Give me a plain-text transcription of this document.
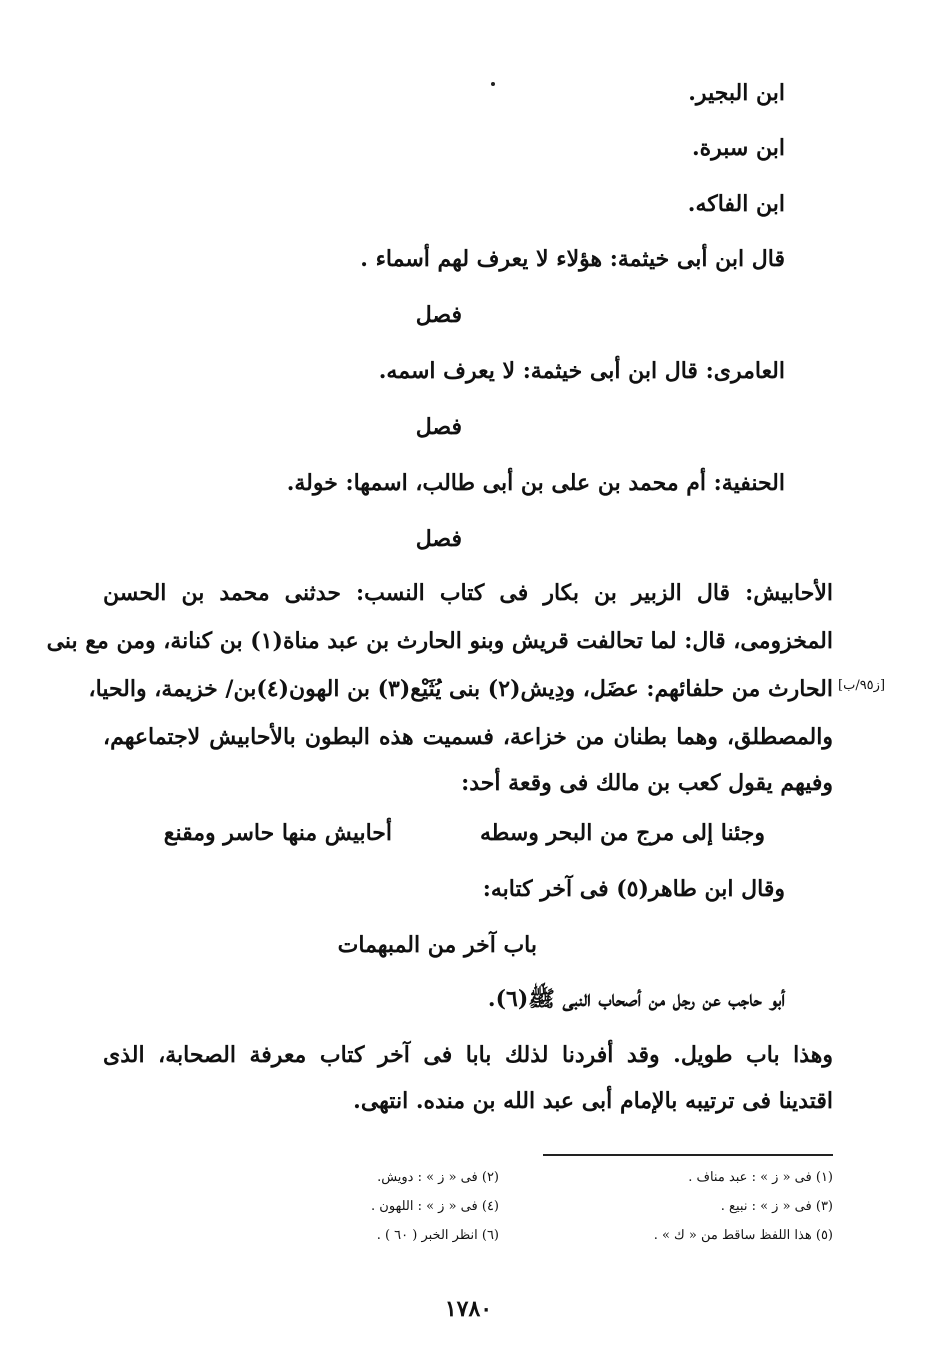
ابن البجير.
ابن سبرة.
ابن الفاكه.
قال ابن أبى خيثمة: هؤلاء لا يعرف لهم أسماء .
فصل
العامرى: قال ابن أبى خيثمة: لا يعرف اسمه.
فصل
الحنفية: أم محمد بن على بن أبى طالب، اسمها: خولة.
فصل
الأحابيش: قال الزبير بن بكار فى كتاب النسب: حدثنى محمد بن الحسن
المخزومى، قال: لما تحالفت قريش وبنو الحارث بن عبد مناة(١) بن كنانة، ومن مع بنى
الحارث من حلفائهم: عضَل، ودِيش(٢) بنى يُثَيْع(٣) بن الهون(٤)بن/ خزيمة، والحيا، [ز٩٥/ب]
والمصطلق، وهما بطنان من خزاعة، فسميت هذه البطون بالأحابيش لاجتماعهم،
وفيهم يقول كعب بن مالك فى وقعة أحد:
وجئنا إلى مرج من البحر وسطه
أحابيش منها حاسر ومقنع
وقال ابن طاهر(٥) فى آخر كتابه:
باب آخر من المبهمات
أبو حاجب عن رجل من أصحاب النبى ﷺ(٦).
وهذا باب طويل. وقد أفردنا لذلك بابا فى آخر كتاب معرفة الصحابة، الذى
اقتدينا فى ترتيبه بالإمام أبى عبد الله بن منده. انتهى.
(١) فى « ز » : عبد مناف .
(٢) فى « ز » : دويش.
(٣) فى « ز » : نبيع .
(٤) فى « ز » : اللهون .
(٥) هذا اللفظ ساقط من « ك » .
(٦) انظر الخبر ( ٦٠ ) .
١٧٨٠
